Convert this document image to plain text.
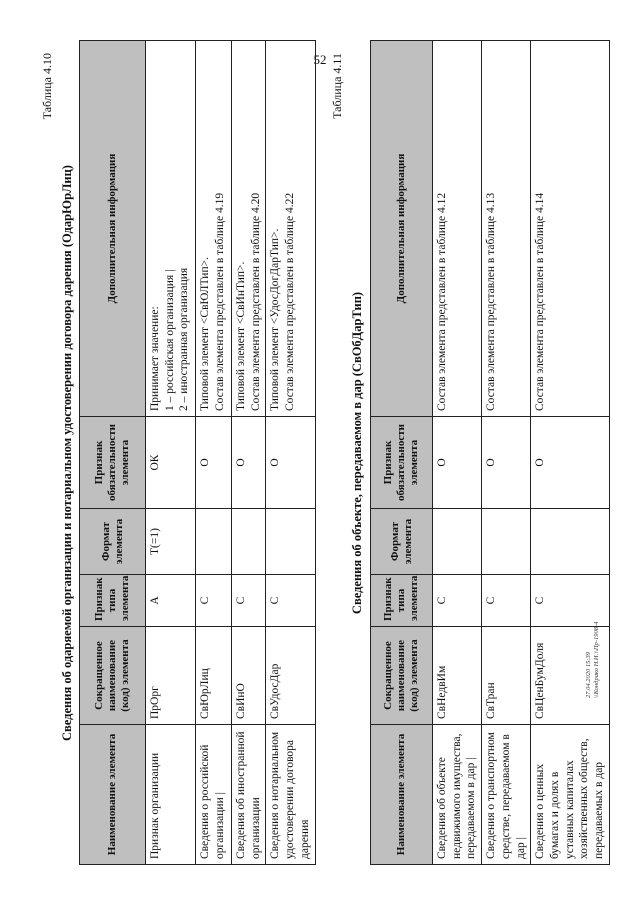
52
Таблица 4.10
Сведения об одаряемой организации и нотариальном удостоверении договора дарения (ОдарЮрЛиц)
Наименование элемента	Сокращенное наименование (код) элемента	Признак типа элемента	Формат элемента	Признак обязательности элемента	Дополнительная информация
Признак организации	ПрОрг	А	T(=1)	ОК	Принимает значение: 1 – российская организация | 2 – иностранная организация

Сведения о российской организации |	СвЮрЛиц	С		О	Типовой элемент <СвЮЛТип>. Состав элемента представлен в таблице 4.19

Сведения об иностранной организации	СвИнО	С		О	Типовой элемент <СвИнТип>. Состав элемента представлен в таблице 4.20

Сведения о нотариальном удостоверении договора дарения	СвУдосДар	С		О	Типовой элемент <УдосДогДарТип>. Состав элемента представлен в таблице 4.22
Таблица 4.11
Сведения об объекте, передаваемом в дар (СвОбДарТип)
Наименование элемента	Сокращенное наименование (код) элемента	Признак типа элемента	Формат элемента	Признак обязательности элемента	Дополнительная информация
Сведения об объекте недвижимого имущества, передаваемом в дар |	СвНедвИм	С		О	Состав элемента представлен в таблице 4.12

Сведения о транспортном средстве, передаваемом в дар |	СвТран	С		О	Состав элемента представлен в таблице 4.13

Сведения о ценных бумагах и долях в уставных капиталах хозяйственных обществ, передаваемых в дар	СвЦенБумДоля	С		О	Состав элемента представлен в таблице 4.14
27.04.2020 15:39 \\Кондрако Н.И.\\Пр-1908-4
